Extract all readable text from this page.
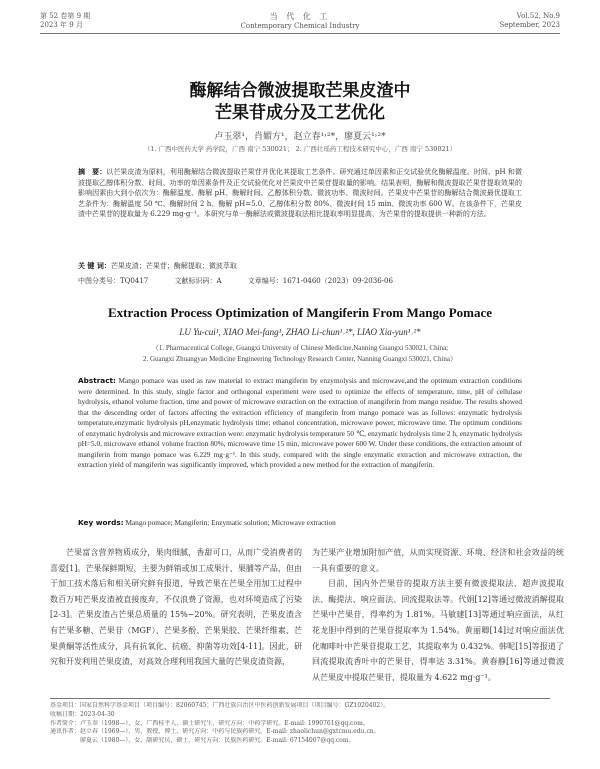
第 52 卷第 9 期
2023 年 9 月
当 代 化 工
Contemporary Chemical Industry
Vol.52, No.9
September, 2023
酶解结合微波提取芒果皮渣中
芒果苷成分及工艺优化
卢玉翠¹，肖媚方¹，赵立春¹˒²*，廖夏云¹˒²*
（1. 广西中医药大学 药学院，广西 南宁 530021； 2. 广西壮瑶药工程技术研究中心，广西 南宁 530021）
摘　要：以芒果皮渣为原料，利用酶解结合微波提取芒果苷并优化其提取工艺条件。研究通过单因素和正交试验优化酶解温度、时间、pH 和微波提取乙醇体积分数、时间、功率的单因素条件及正交试验优化对芒果皮中芒果苷提取量的影响。结果表明，酶解和微波提取芒果苷提取效果的影响因素由大到小依次为：酶解温度、酶解 pH、酶解时间、乙醇体积分数、微波功率、微波时间。芒果皮中芒果苷的酶解结合微波最优提取工艺条件为：酶解温度 50 ℃、酶解时间 2 h、酶解 pH=5.0、乙醇体积分数 80%、微波时间 15 min、微波功率 600 W。在该条件下，芒果皮渣中芒果苷的提取量为 6.229 mg·g⁻¹。本研究与单一酶解法或微波提取法相比提取率明显提高，为芒果苷的提取提供一种新的方法。
关 键 词：芒果皮渣；芒果苷；酶解提取；微波萃取
中图分类号：TQ0417	文献标识码：A	文章编号：1671-0460（2023）09-2036-06
Extraction Process Optimization of Mangiferin From Mango Pomace
LU Yu-cui¹, XIAO Mei-fang¹, ZHAO Li-chun¹˒²*, LIAO Xia-yun¹˒²*
（1. Pharmaceutical College, Guangxi University of Chinese Medicine,Nanning Guangxi 530021, China;
2. Guangxi Zhuangyao Medicine Engineering Technology Research Center, Nanning Guangxi 530021, China）
Abstract: Mango pomace was used as raw material to extract mangiferin by enzymolysis and microwave,and the optimum extraction conditions were determined. In this study, single factor and orthogonal experiment were used to optimize the effects of temperature, time, pH of cellulase hydrolysis, ethanol volume fraction, time and power of microwave extraction on the extraction of mangiferin from mango residue. The results showed that the descending order of factors affecting the extraction efficiency of mangiferin from mango pomace was as follows: enzymatic hydrolysis temperature,enzymatic hydrolysis pH,enzymatic hydrolysis time; ethanol concentration, microwave power, microwave time. The optimum conditions of enzymatic hydrolysis and microwave extraction were: enzymatic hydrolysis temperature 50 ℃, enzymatic hydrolysis time 2 h, enzymatic hydrolysis pH=5.0, microwave ethanol volume fraction 80%, microwave time 15 min, microwave power 600 W. Under these conditions, the extraction amount of mangiferin from mango pomace was 6.229 mg·g⁻¹. In this study, compared with the single enzymatic extraction and microwave extraction, the extraction yield of mangiferin was significantly improved, which provided a new method for the extraction of mangiferin.
Key words: Mango pomace; Mangiferin; Enzymatic solution; Microwave extraction

芒果富含营养物质成分，果肉细腻，香甜可口，从而广受消费者的喜爱[1]。芒果保鲜期短，主要为鲜销或加工成果汁、果脯等产品，但由于加工技术落后和相关研究鲜有报道，导致芒果在芒果全用加工过程中数百万吨芒果皮渣被直接废弃，不仅浪费了资源，也对环境造成了污染[2-3]。芒果皮渣占芒果总质量的 15%~20%。研究表明，芒果皮渣含有芒果多糖、芒果苷（MGF）、芒果多酚、芒果果胶、芒果纤维素、芒果黄酮等活性成分，具有抗氧化、抗癌、抑菌等功效[4-11]。因此，研究和开发利用芒果皮渣，对高效合理利用我国大量的芒果皮渣资源，

为芒果产业增加附加产值，从而实现资源、环境、经济和社会效益的统一具有重要的意义。

目前，国内外芒果苷的提取方法主要有微波提取法、超声波提取法、酶提法、响应面法、回流提取法等。代娟[12]等通过微波消解提取芒果中芒果苷，得率约为 1.81%。马敏建[13]等通过响应面法，从红花龙胆中得到的芒果苷提取率为 1.54%。黄丽卿[14]过对响应面法优化咖啡叶中芒果苷提取工艺，其提取率为 0.432%。韩呢[15]等报道了回流提取流香叶中的芒果苷，得率达 3.31%。黄春静[16]等通过微波从芒果皮中提取芒果苷，提取量为 4.622 mg·g⁻¹。

基金项目：国家自然科学基金项目（项目编号：82060745；广西壮族自治区中医药创新发展项目（项目编号：GZ1020402）。
收稿日期：2023-04-30
作者简介：卢玉翠（1998—），女，广西桂平人，硕士研究生，研究方向：中药学研究。E-mail: 1990761@qq.com。
通讯作者：赵立春（1969—），男，教授，博士，研究方向：中药与民族药研究。E-mail: zhaolichun@gxtcmu.edu.cn。
　　　　　廖夏云（1980—），女，副研究员，硕士，研究方向：民族医药研究。E-mail: 67154007@qq.com。
